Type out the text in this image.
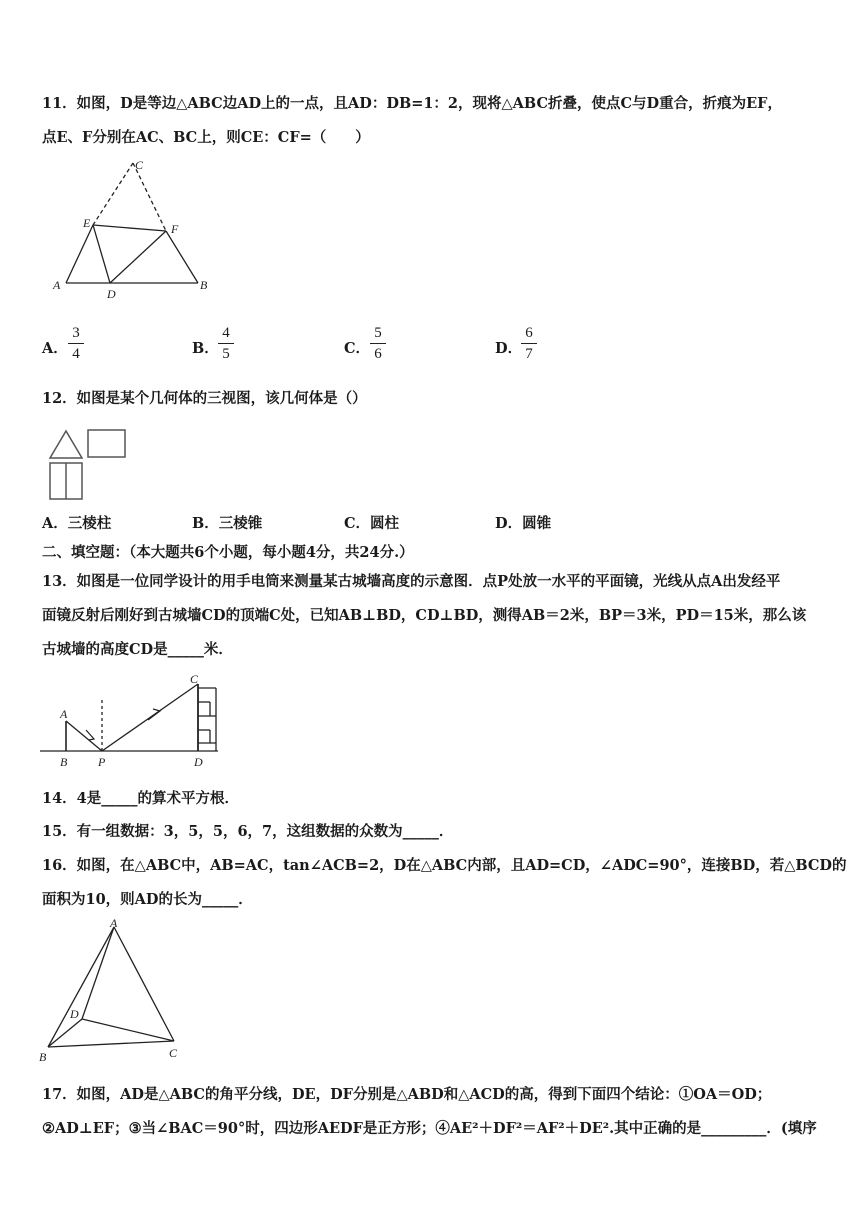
11．如图，D是等边△ABC边AD上的一点，且AD：DB=1：2，现将△ABC折叠，使点C与D重合，折痕为EF，
点E、F分别在AC、BC上，则CE：CF=（　　）
C
E	F
A
D
B
A．
3
4	B．
4
5	C．
5
6	D．
6
7
12．如图是某个几何体的三视图，该几何体是（）
A．三棱柱	B．三棱锥	C．圆柱	D．圆锥
二、填空题：（本大题共6个小题，每小题4分，共24分.）
13．如图是一位同学设计的用手电筒来测量某古城墙高度的示意图．点P处放一水平的平面镜，光线从点A出发经平
面镜反射后刚好到古城墙CD的顶端C处，已知AB⊥BD，CD⊥BD，测得AB＝2米，BP＝3米，PD＝15米，那么该
古城墙的高度CD是_____米．
A
B	P
C
D
14．4是_____的算术平方根．
15．有一组数据：3，5，5，6，7，这组数据的众数为_____．
16．如图，在△ABC中，AB=AC，tan∠ACB=2，D在△ABC内部，且AD=CD，∠ADC=90°，连接BD，若△BCD的
面积为10，则AD的长为_____．
A
D
B	C
17．如图，AD是△ABC的角平分线，DE，DF分别是△ABD和△ACD的高，得到下面四个结论：①OA＝OD；
②AD⊥EF；③当∠BAC＝90°时，四边形AEDF是正方形；④AE²＋DF²＝AF²＋DE².其中正确的是_________．(填序
